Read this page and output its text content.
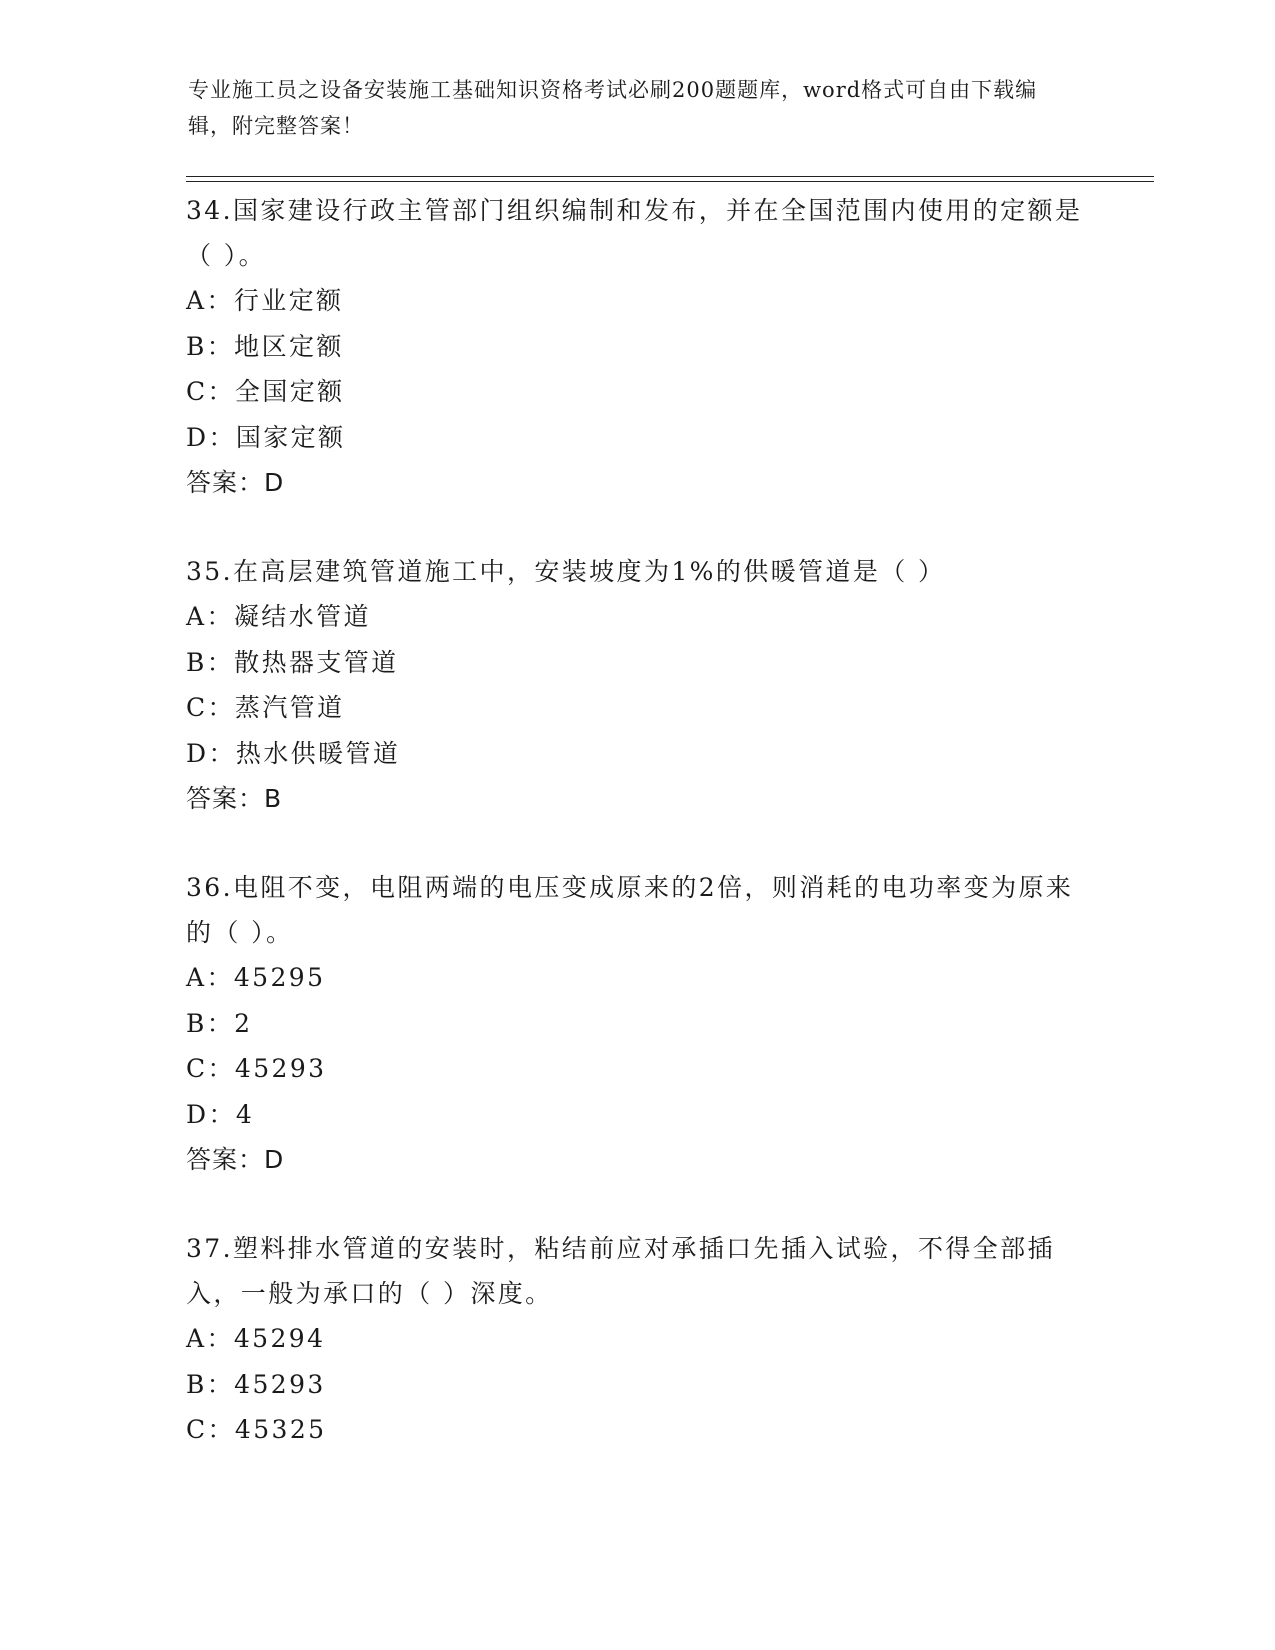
专业施工员之设备安装施工基础知识资格考试必刷200题题库，word格式可自由下载编辑，附完整答案！
34.国家建设行政主管部门组织编制和发布，并在全国范围内使用的定额是（ ）。
A：行业定额
B：地区定额
C：全国定额
D：国家定额
答案：D
35.在高层建筑管道施工中，安装坡度为1%的供暖管道是（ ）
A：凝结水管道
B：散热器支管道
C：蒸汽管道
D：热水供暖管道
答案：B
36.电阻不变，电阻两端的电压变成原来的2倍，则消耗的电功率变为原来的（ ）。
A：45295
B：2
C：45293
D：4
答案：D
37.塑料排水管道的安装时，粘结前应对承插口先插入试验，不得全部插入，一般为承口的（ ）深度。
A：45294
B：45293
C：45325
